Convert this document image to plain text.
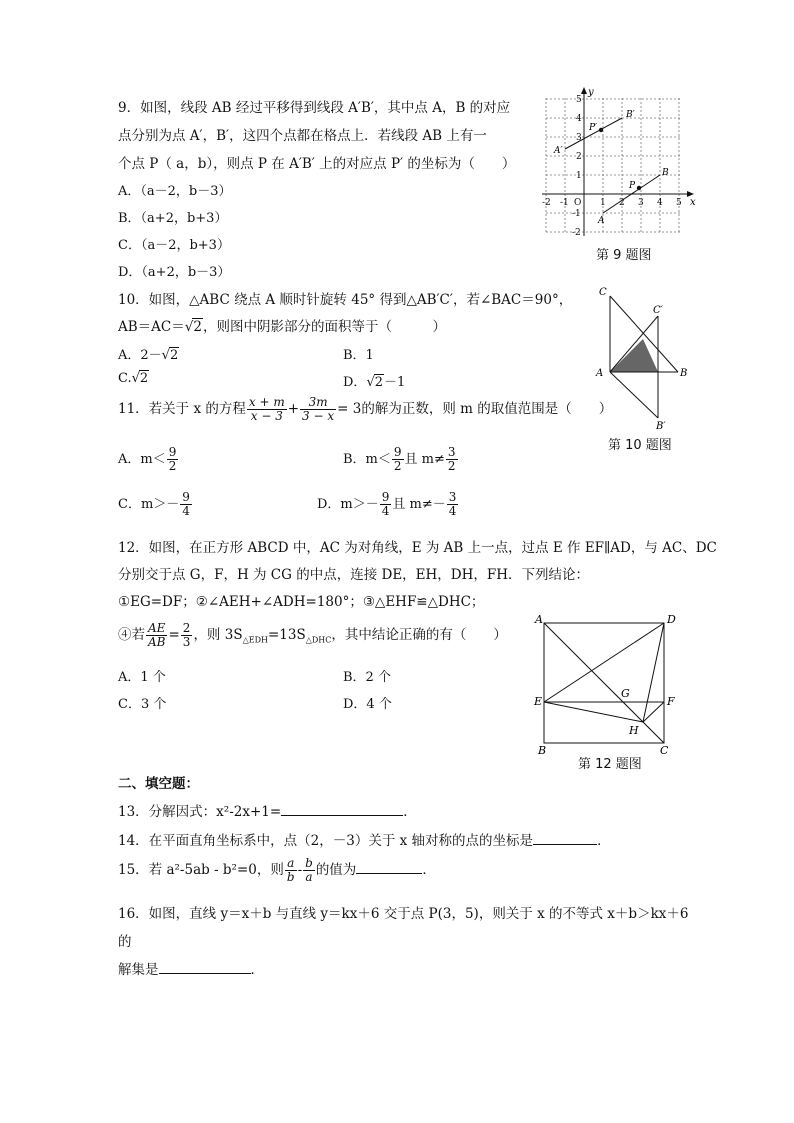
9．如图，线段 AB 经过平移得到线段 A′B′，其中点 A，B 的对应
点分别为点 A′，B′，这四个点都在格点上．若线段 AB 上有一
个点 P（ a，b），则点 P 在 A′B′ 上的对应点 P′ 的坐标为（　　）
A．（a－2，b－3）
B．（a+2，b+3）
C．（a－2，b+3）
D．（a+2，b－3）
x
y
-2 -1 O 1 2 3 4 5
5
4
3
2
1
-1
-2
B′
A′
P′
B
P
A
第 9 题图
10．如图，△ABC 绕点 A 顺时针旋转 45° 得到△AB′C′，若∠BAC＝90°，
AB＝AC＝√2，则图中阴影部分的面积等于（　　　）
A．2－√2	B．1
C.√2	D．√2－1
C
C′
A	B
B′
第 10 题图
11．若关于 x 的方程 $\frac{x + m}{x - 3} + \frac{3m}{3 - x} = 3$的解为正数，则 m 的取值范围是（　　）
A．$m< \frac{9}{2}$	B．$m< \frac{9}{2}$ 且 $m\ne \frac{3}{2}$
C．$m>- \frac{9}{4}$	D．$m>- \frac{9}{4}$ 且 $m\ne- \frac{3}{4}$
12．如图，在正方形 ABCD 中，AC 为对角线，E 为 AB 上一点，过点 E 作 EF∥AD，与 AC、DC
分别交于点 G，F，H 为 CG 的中点，连接 DE，EH，DH，FH．下列结论：
①EG=DF；②∠AEH+∠ADH=180°；③△EHF≌△DHC；
④若 $\frac{AE}{AB} = \frac{2}{3}$ ，则 $3S_{\triangle EDH}=13S_{\triangle DHC}$，其中结论正确的有（　　）
A．1 个	B．2 个
C．3 个	D．4 个
A	D
E	F
G
H
B	C
第 12 题图
二、填空题：
13．分解因式：x²-2x+1=	．
14．在平面直角坐标系中，点（2，－3）关于 x 轴对称的点的坐标是	．
15．若 a²-5ab - b²=0，则 $\frac{a}{b} - \frac{b}{a}$ 的值为	．
16．如图，直线 y＝x＋b 与直线 y＝kx＋6 交于点 P(3，5)，则关于 x 的不等式 x＋b＞kx＋6
的
解集是	．
